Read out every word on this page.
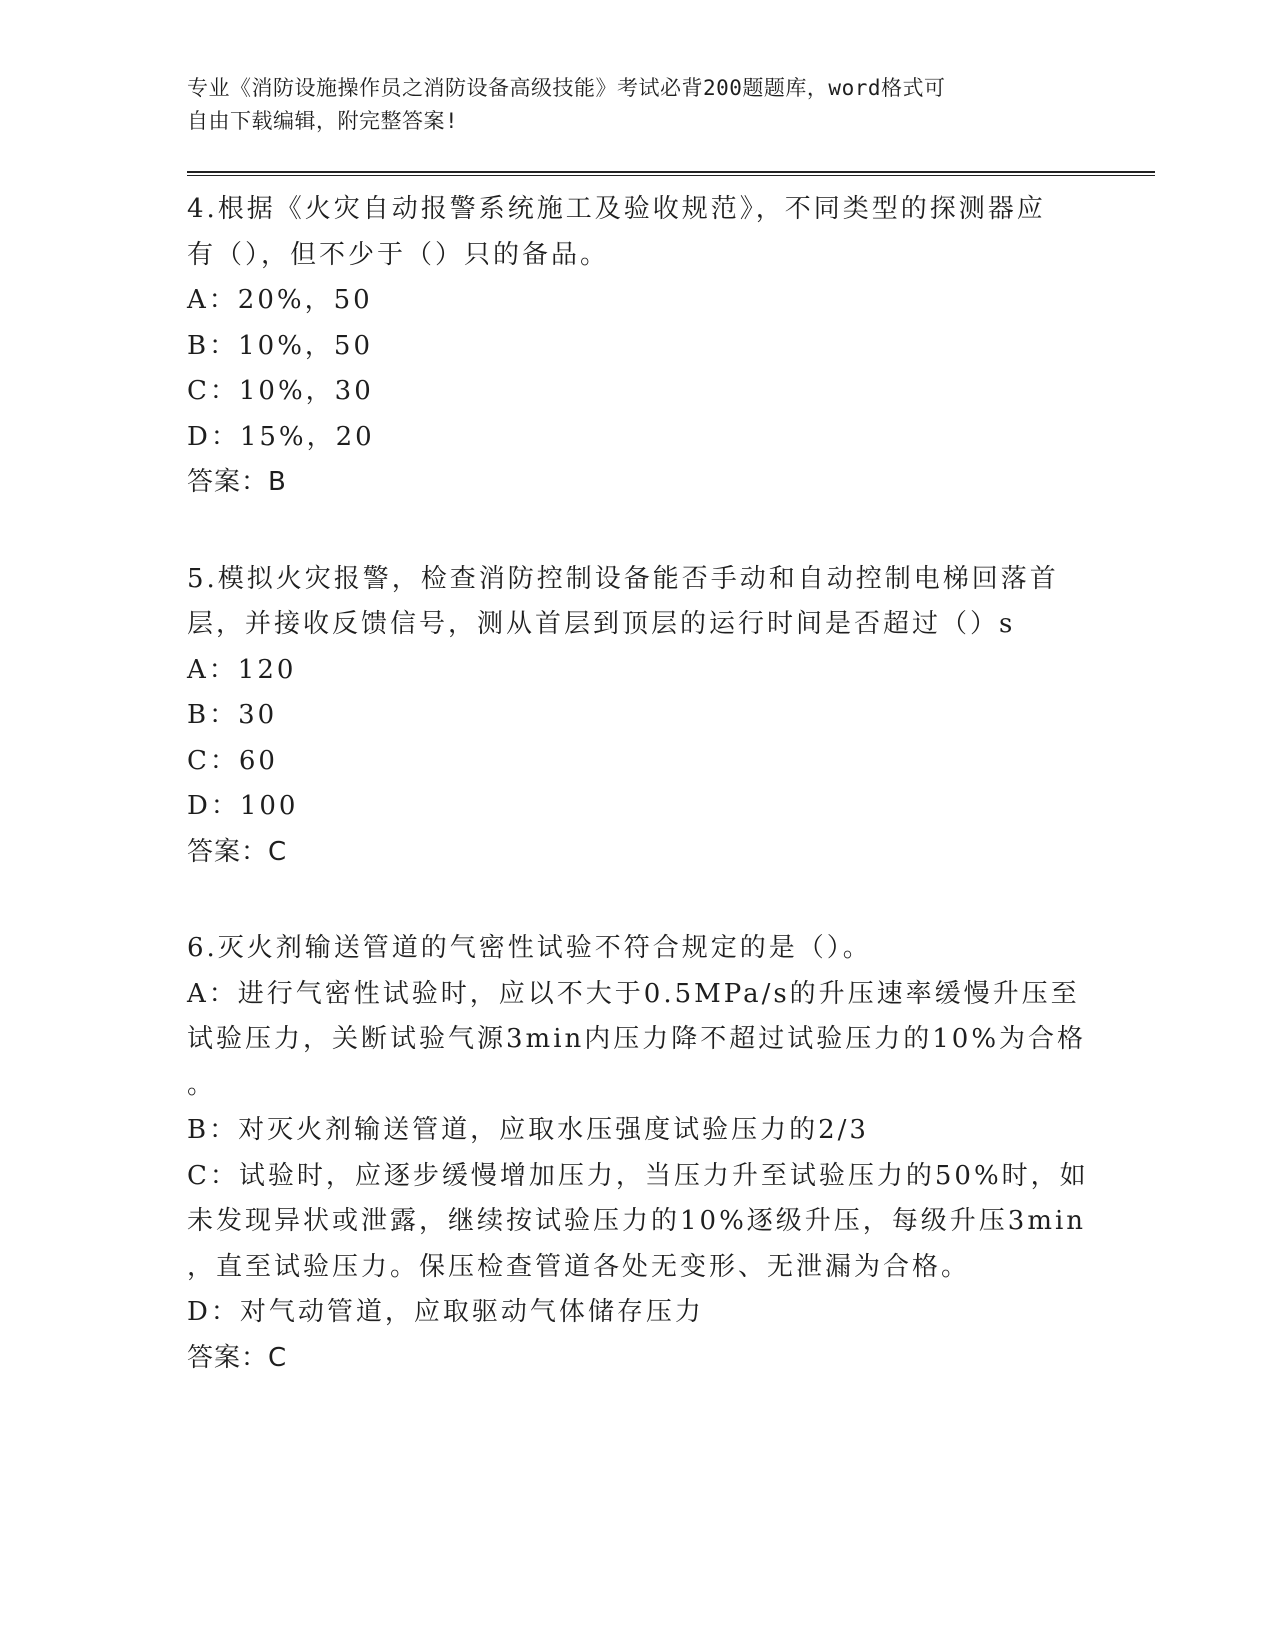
专业《消防设施操作员之消防设备高级技能》考试必背200题题库，word格式可
自由下载编辑，附完整答案!
4.根据《火灾自动报警系统施工及验收规范》，不同类型的探测器应
有（），但不少于（）只的备品。
A：20%，50
B：10%，50
C：10%，30
D：15%，20
答案：B
5.模拟火灾报警，检查消防控制设备能否手动和自动控制电梯回落首
层，并接收反馈信号，测从首层到顶层的运行时间是否超过（）s
A：120
B：30
C：60
D：100
答案：C
6.灭火剂输送管道的气密性试验不符合规定的是（）。
A：进行气密性试验时，应以不大于0.5MPa/s的升压速率缓慢升压至
试验压力，关断试验气源3min内压力降不超过试验压力的10%为合格
。
B：对灭火剂输送管道，应取水压强度试验压力的2/3
C：试验时，应逐步缓慢增加压力，当压力升至试验压力的50%时，如
未发现异状或泄露，继续按试验压力的10%逐级升压，每级升压3min
，直至试验压力。保压检查管道各处无变形、无泄漏为合格。
D：对气动管道，应取驱动气体储存压力
答案：C
